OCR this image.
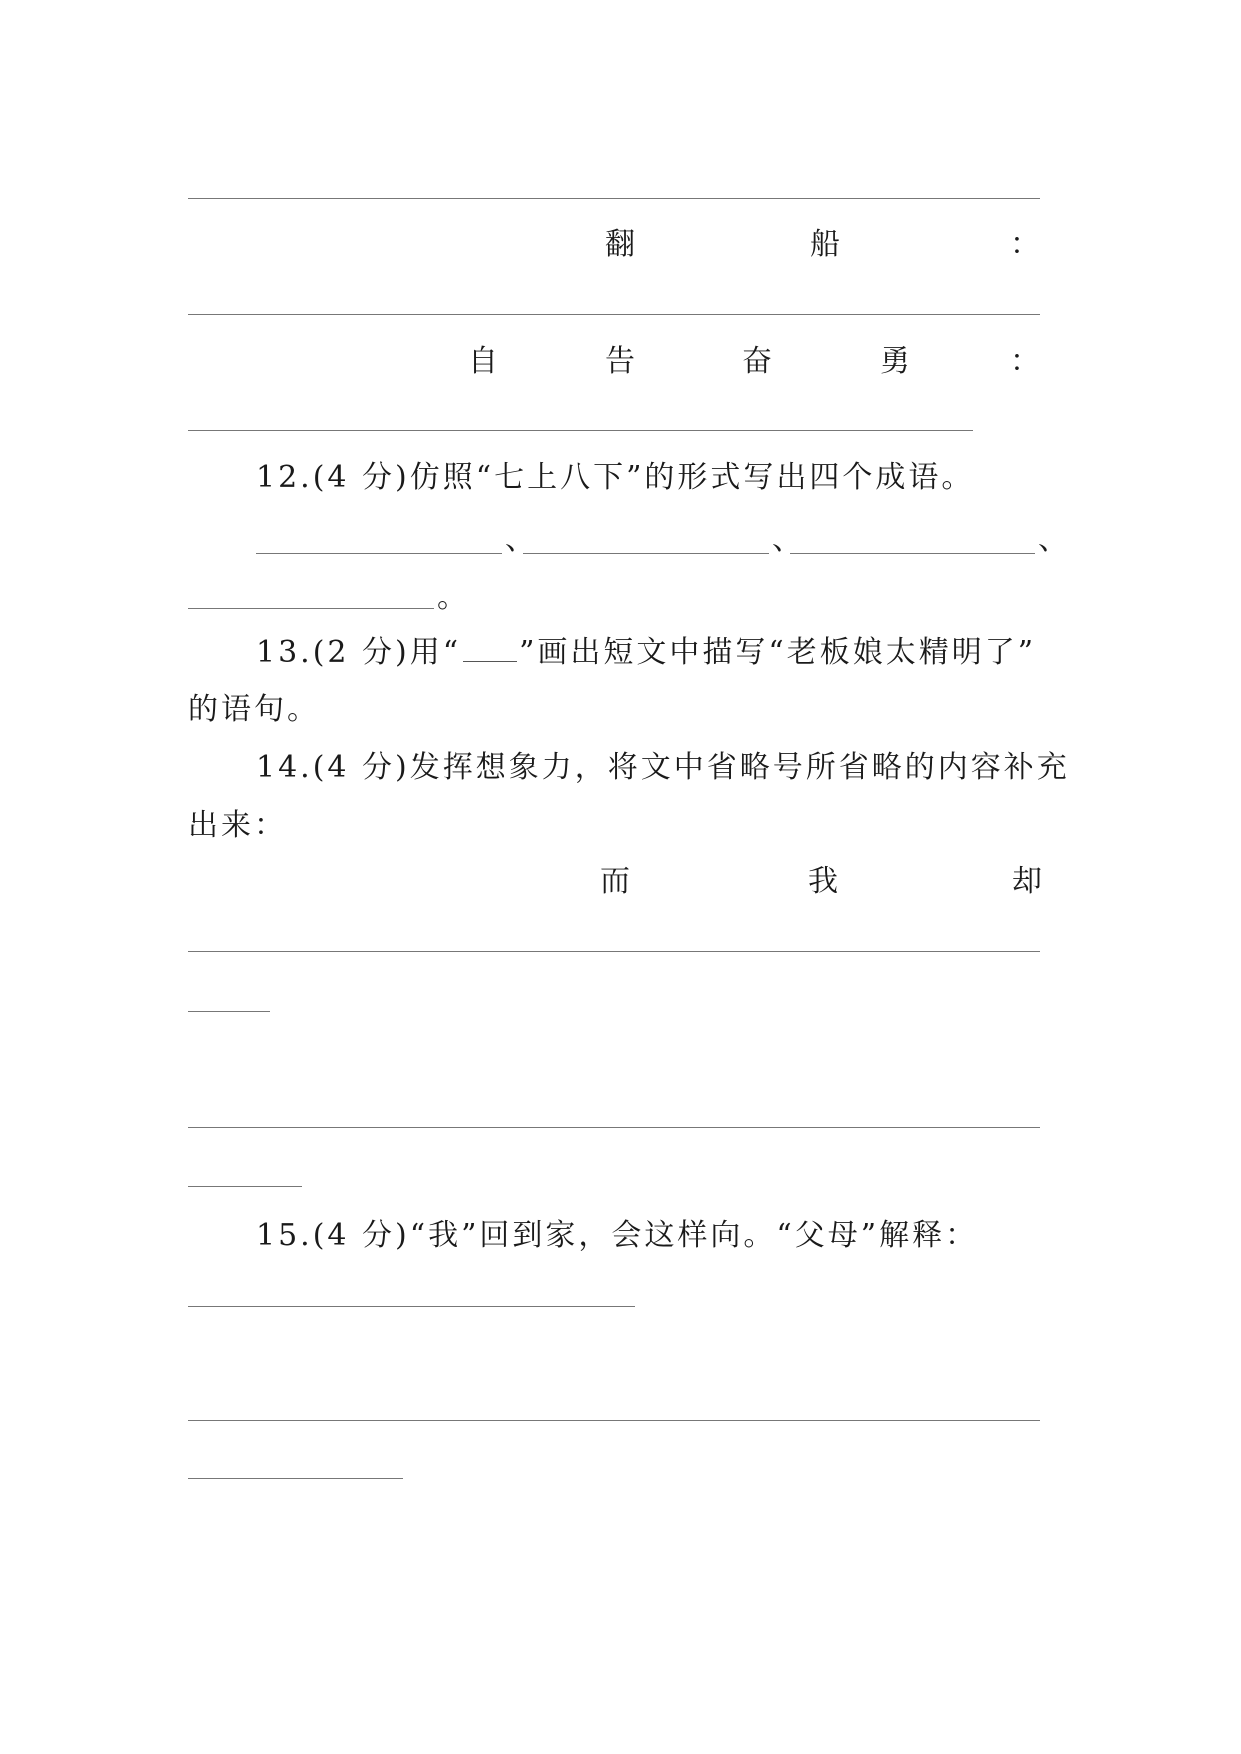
翻	船	：
自	告	奋	勇	：
12.(4 分)仿照“七上八下”的形式写出四个成语。
、	、	、
。
13.(2 分)用“ ”画出短文中描写“老板娘太精明了”
的语句。
14.(4 分)发挥想象力，将文中省略号所省略的内容补充
出来：
而	我	却
15.(4 分)“我”回到家，会这样向。“父母”解释：
